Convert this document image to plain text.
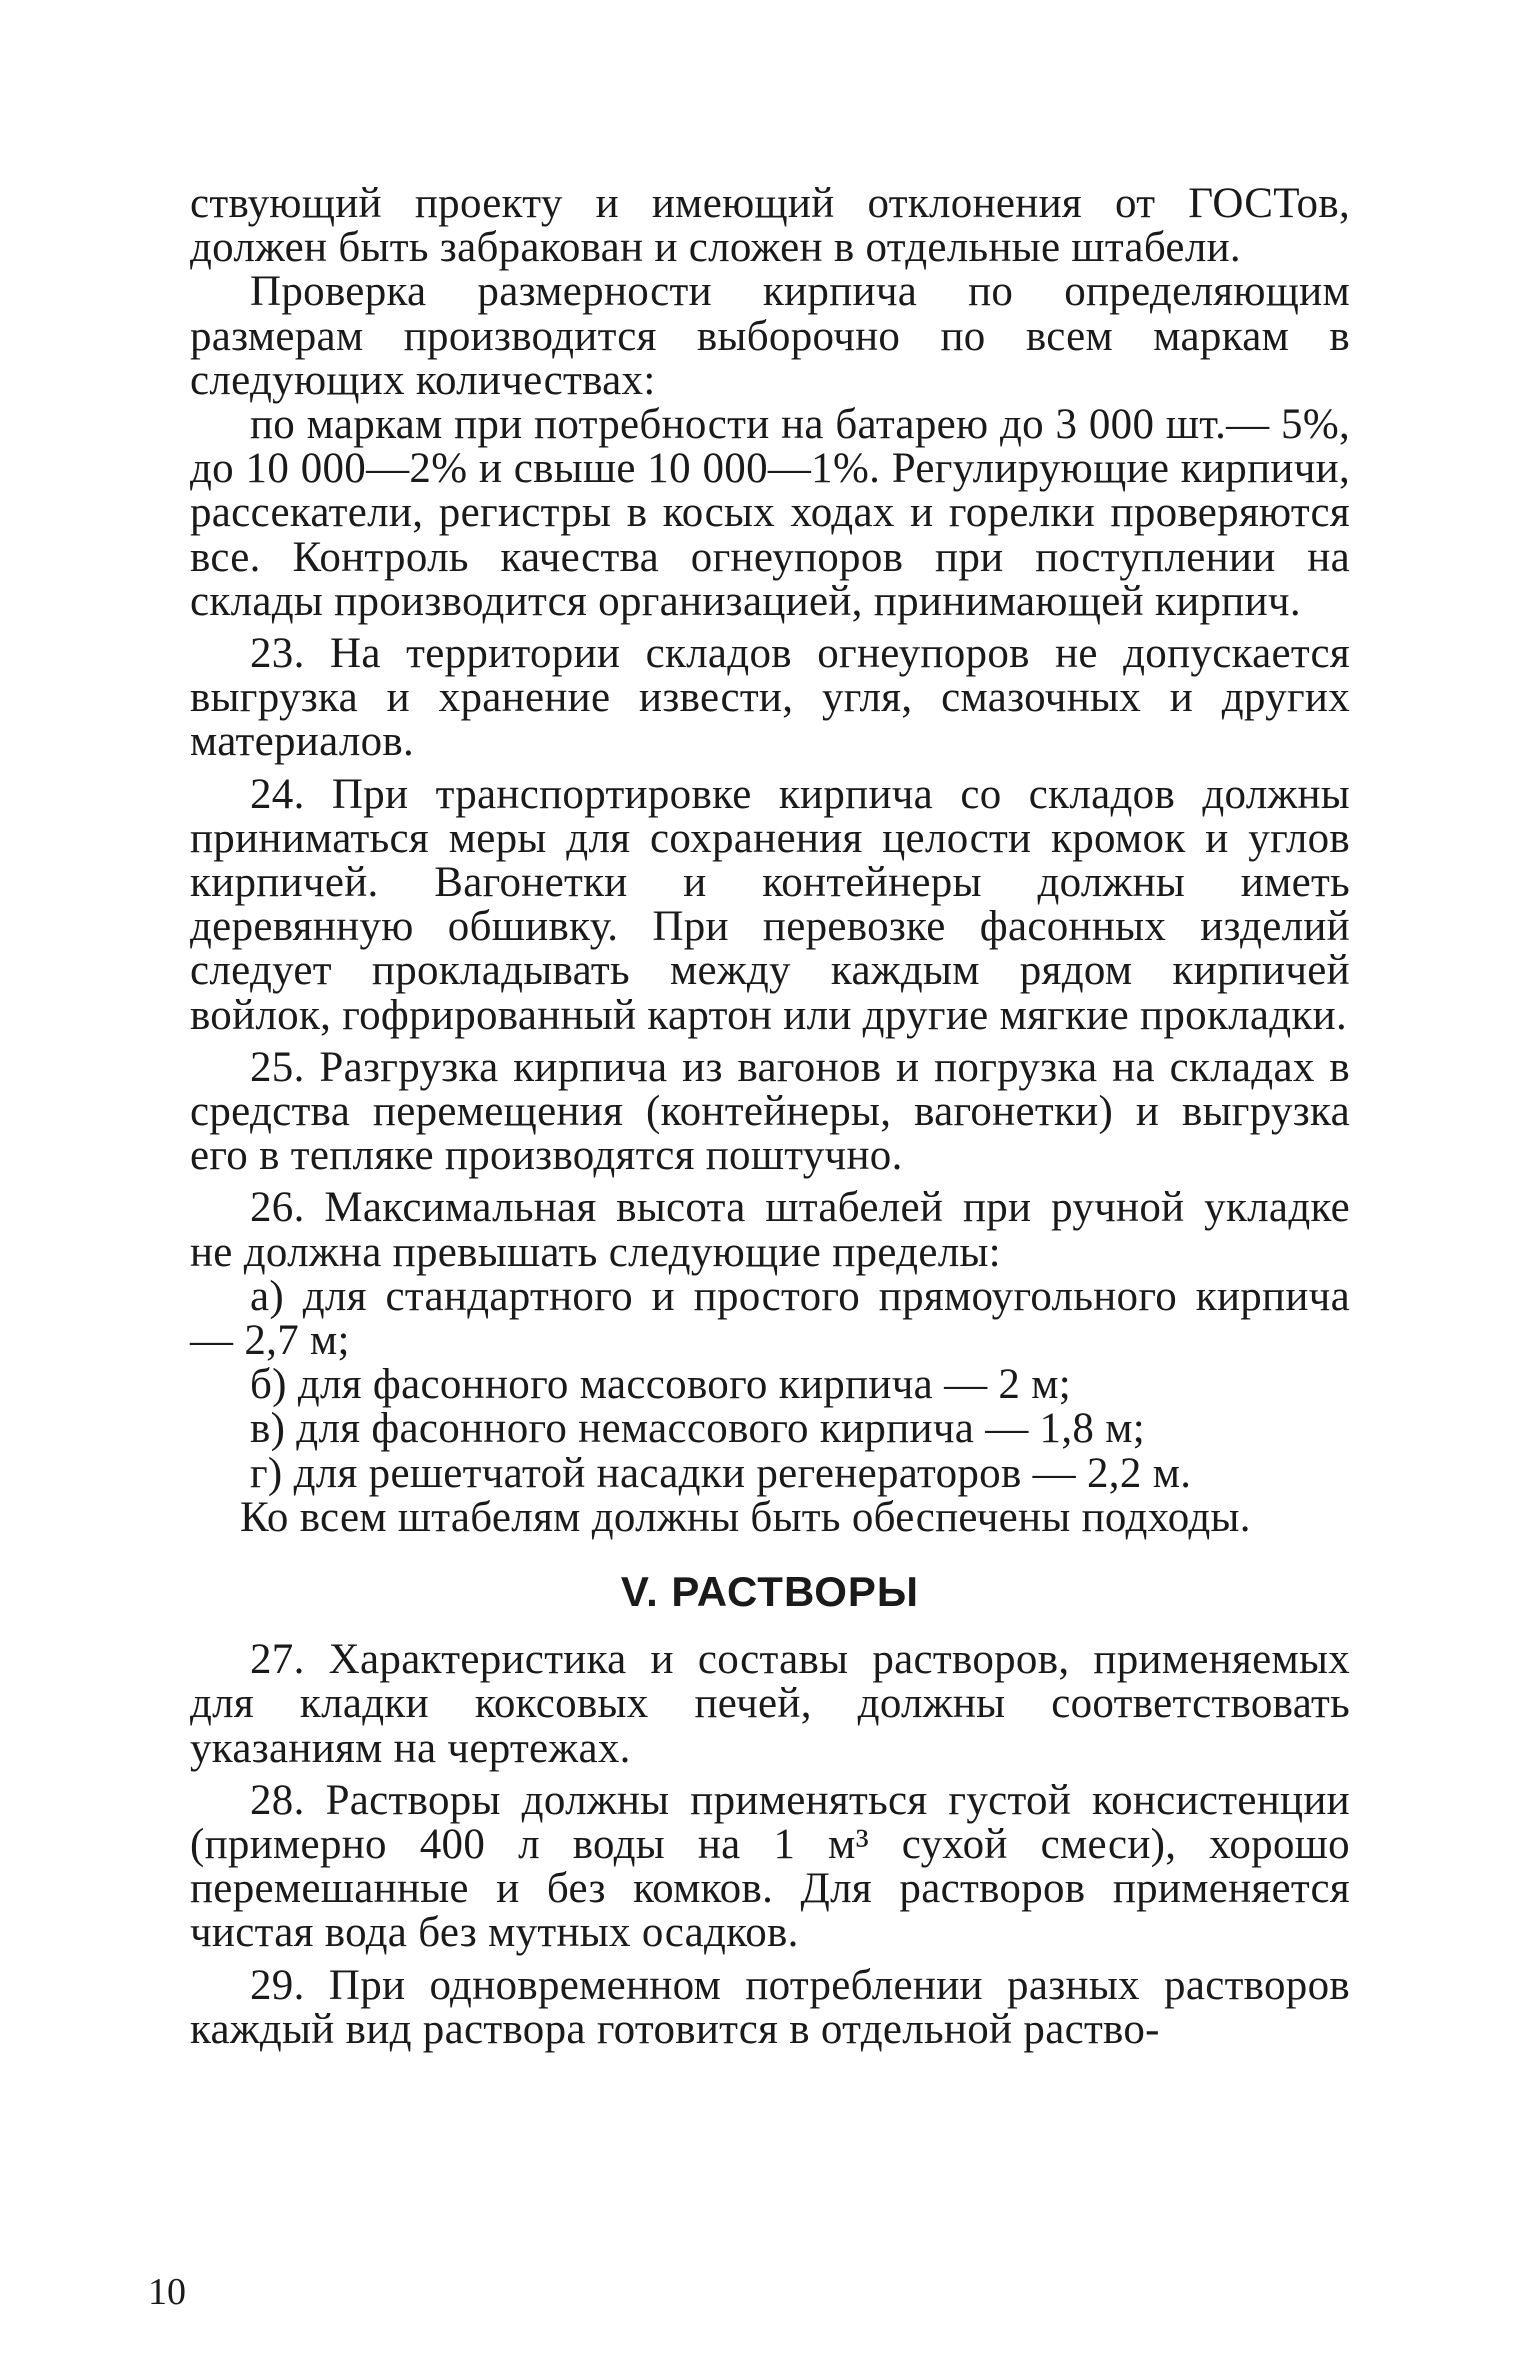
ствующий проекту и имеющий отклонения от ГОСТов, должен быть забракован и сложен в отдельные штабели.

Проверка размерности кирпича по определяющим размерам производится выборочно по всем маркам в следующих количествах:

по маркам при потребности на батарею до 3 000 шт.— 5%, до 10 000—2% и свыше 10 000—1%. Регулирующие кирпичи, рассекатели, регистры в косых ходах и горелки проверяются все. Контроль качества огнеупоров при поступлении на склады производится организацией, принимающей кирпич.

23. На территории складов огнеупоров не допускается выгрузка и хранение извести, угля, смазочных и других материалов.

24. При транспортировке кирпича со складов должны приниматься меры для сохранения целости кромок и углов кирпичей. Вагонетки и контейнеры должны иметь деревянную обшивку. При перевозке фасонных изделий следует прокладывать между каждым рядом кирпичей войлок, гофрированный картон или другие мягкие прокладки.

25. Разгрузка кирпича из вагонов и погрузка на складах в средства перемещения (контейнеры, вагонетки) и выгрузка его в тепляке производятся поштучно.

26. Максимальная высота штабелей при ручной укладке не должна превышать следующие пределы:

а) для стандартного и простого прямоугольного кирпича — 2,7 м;

б) для фасонного массового кирпича — 2 м;

в) для фасонного немассового кирпича — 1,8 м;

г) для решетчатой насадки регенераторов — 2,2 м.

Ко всем штабелям должны быть обеспечены подходы.

V. РАСТВОРЫ

27. Характеристика и составы растворов, применяемых для кладки коксовых печей, должны соответствовать указаниям на чертежах.

28. Растворы должны применяться густой консистенции (примерно 400 л воды на 1 м³ сухой смеси), хорошо перемешанные и без комков. Для растворов применяется чистая вода без мутных осадков.

29. При одновременном потреблении разных растворов каждый вид раствора готовится в отдельной раство-

10
